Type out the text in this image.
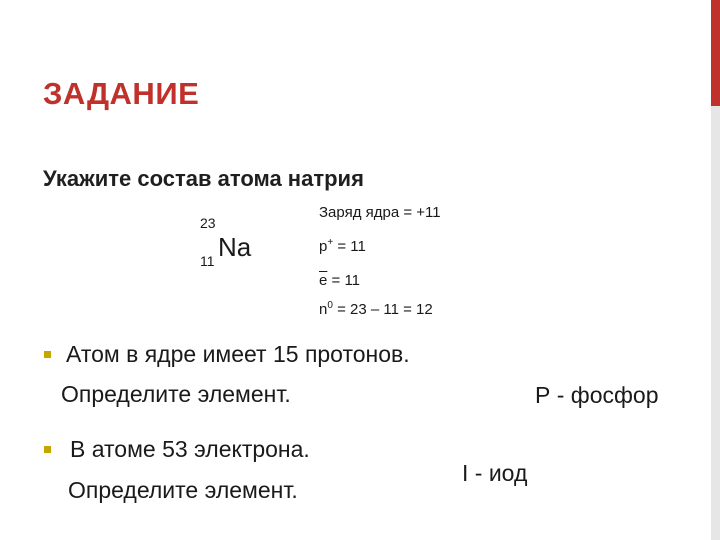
ЗАДАНИЕ
Укажите состав атома натрия
23
11 Na
Заряд ядра = +11
p+ = 11
$\overline{e} = 11$
$n^0 = 23 - 11 = 12$
Атом в ядре имеет 15 протонов.
Определите элемент.	Р - фосфор
В атоме 53 электрона.
Определите элемент.
I - иод
